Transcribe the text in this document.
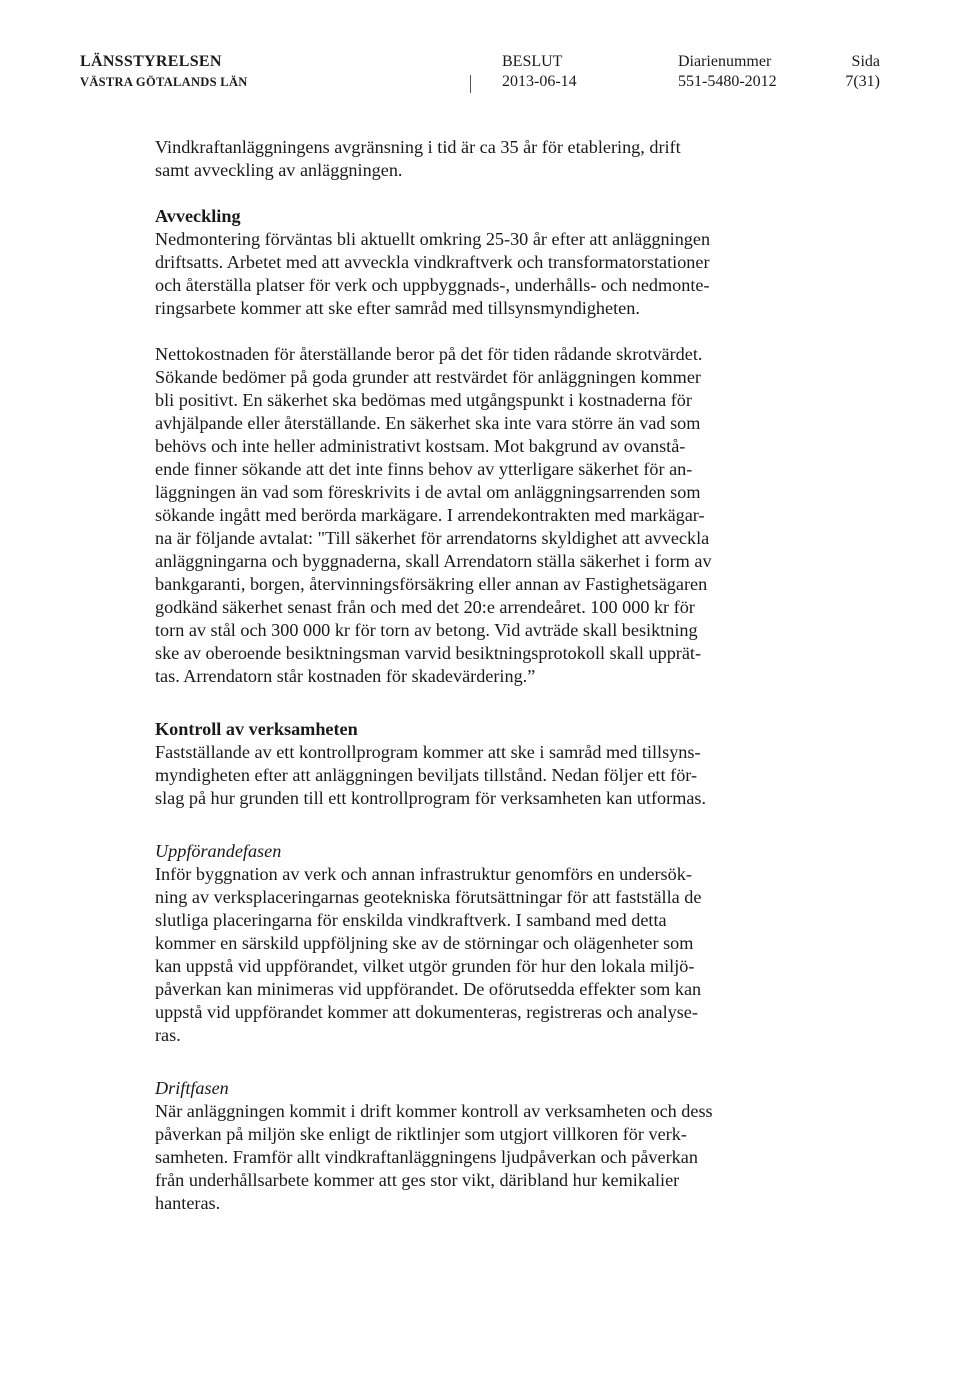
LÄNSSTYRELSEN
VÄSTRA GÖTALANDS LÄN
BESLUT
2013-06-14
Diarienummer
551-5480-2012
Sida
7(31)

Vindkraftanläggningens avgränsning i tid är ca 35 år för etablering, drift
samt avveckling av anläggningen.

Avveckling

Nedmontering förväntas bli aktuellt omkring 25-30 år efter att anläggningen
driftsatts. Arbetet med att avveckla vindkraftverk och transformatorstationer
och återställa platser för verk och uppbyggnads-, underhålls- och nedmonte-
ringsarbete kommer att ske efter samråd med tillsynsmyndigheten.

Nettokostnaden för återställande beror på det för tiden rådande skrotvärdet.
Sökande bedömer på goda grunder att restvärdet för anläggningen kommer
bli positivt. En säkerhet ska bedömas med utgångspunkt i kostnaderna för
avhjälpande eller återställande. En säkerhet ska inte vara större än vad som
behövs och inte heller administrativt kostsam. Mot bakgrund av ovanstå-
ende finner sökande att det inte finns behov av ytterligare säkerhet för an-
läggningen än vad som föreskrivits i de avtal om anläggningsarrenden som
sökande ingått med berörda markägare. I arrendekontrakten med markägar-
na är följande avtalat: "Till säkerhet för arrendatorns skyldighet att avveckla
anläggningarna och byggnaderna, skall Arrendatorn ställa säkerhet i form av
bankgaranti, borgen, återvinningsförsäkring eller annan av Fastighetsägaren
godkänd säkerhet senast från och med det 20:e arrendeåret. 100 000 kr för
torn av stål och 300 000 kr för torn av betong. Vid avträde skall besiktning
ske av oberoende besiktningsman varvid besiktningsprotokoll skall upprät-
tas. Arrendatorn står kostnaden för skadevärdering.”

Kontroll av verksamheten

Fastställande av ett kontrollprogram kommer att ske i samråd med tillsyns-
myndigheten efter att anläggningen beviljats tillstånd. Nedan följer ett för-
slag på hur grunden till ett kontrollprogram för verksamheten kan utformas.

Uppförandefasen

Inför byggnation av verk och annan infrastruktur genomförs en undersök-
ning av verksplaceringarnas geotekniska förutsättningar för att fastställa de
slutliga placeringarna för enskilda vindkraftverk. I samband med detta
kommer en särskild uppföljning ske av de störningar och olägenheter som
kan uppstå vid uppförandet, vilket utgör grunden för hur den lokala miljö-
påverkan kan minimeras vid uppförandet. De oförutsedda effekter som kan
uppstå vid uppförandet kommer att dokumenteras, registreras och analyse-
ras.

Driftfasen

När anläggningen kommit i drift kommer kontroll av verksamheten och dess
påverkan på miljön ske enligt de riktlinjer som utgjort villkoren för verk-
samheten. Framför allt vindkraftanläggningens ljudpåverkan och påverkan
från underhållsarbete kommer att ges stor vikt, däribland hur kemikalier
hanteras.
